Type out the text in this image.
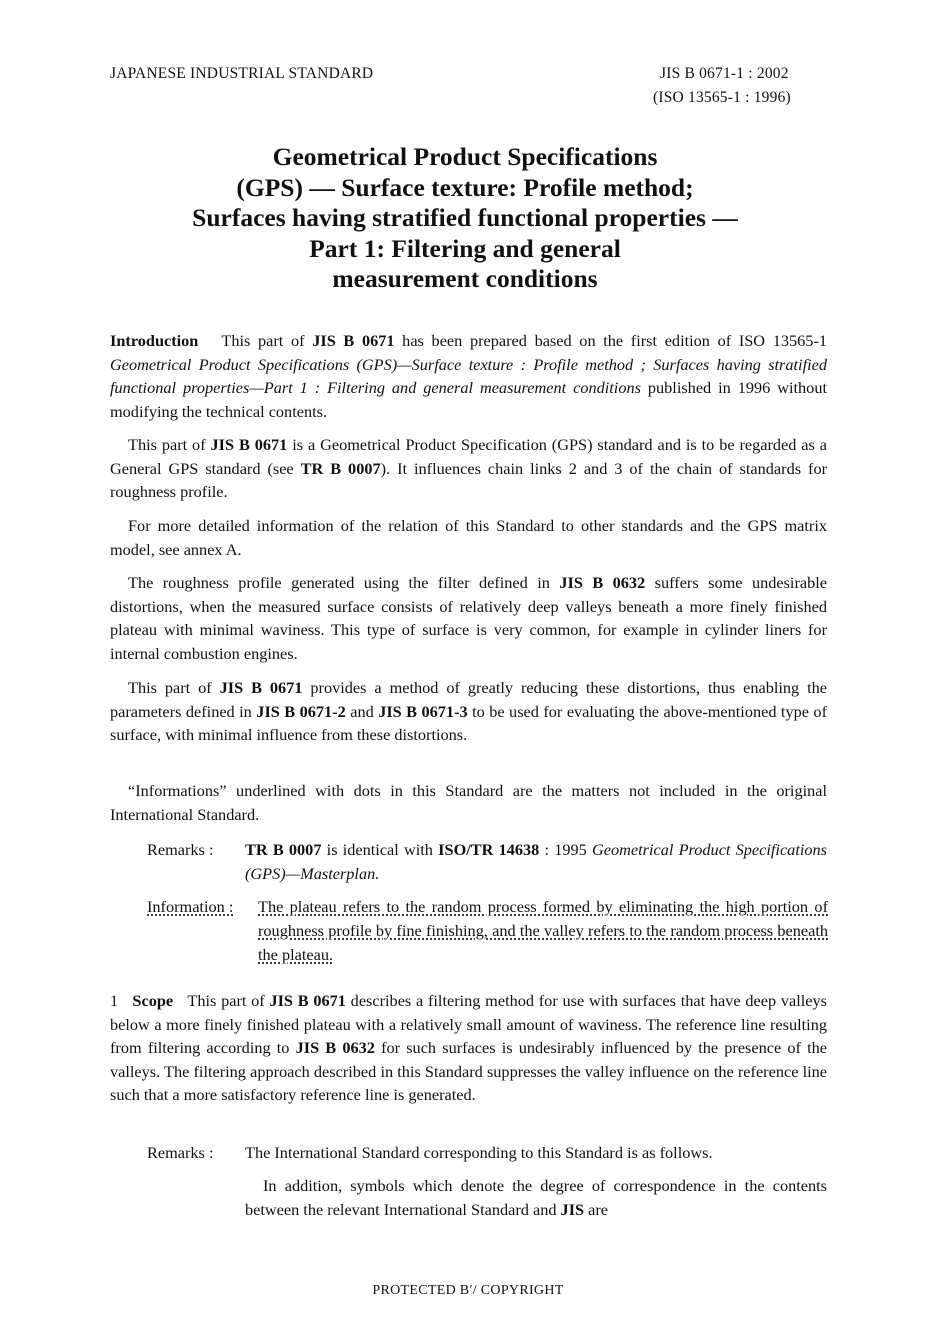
JAPANESE INDUSTRIAL STANDARD	JIS B 0671-1 : 2002
(ISO 13565-1 : 1996)
Geometrical Product Specifications
(GPS) — Surface texture: Profile method;
Surfaces having stratified functional properties —
Part 1: Filtering and general
measurement conditions
Introduction This part of JIS B 0671 has been prepared based on the first edition of ISO 13565-1 Geometrical Product Specifications (GPS)—Surface texture : Profile method ; Surfaces having stratified functional properties—Part 1 : Filtering and general measurement conditions published in 1996 without modifying the technical contents.
This part of JIS B 0671 is a Geometrical Product Specification (GPS) standard and is to be regarded as a General GPS standard (see TR B 0007). It influences chain links 2 and 3 of the chain of standards for roughness profile.
For more detailed information of the relation of this Standard to other standards and the GPS matrix model, see annex A.
The roughness profile generated using the filter defined in JIS B 0632 suffers some undesirable distortions, when the measured surface consists of relatively deep valleys beneath a more finely finished plateau with minimal waviness. This type of surface is very common, for example in cylinder liners for internal combustion engines.
This part of JIS B 0671 provides a method of greatly reducing these distortions, thus enabling the parameters defined in JIS B 0671-2 and JIS B 0671-3 to be used for evaluating the above-mentioned type of surface, with minimal influence from these distortions.
“Informations” underlined with dots in this Standard are the matters not included in the original International Standard.
Remarks : TR B 0007 is identical with ISO/TR 14638 : 1995 Geometrical Product Specifications (GPS)—Masterplan.
Information : The plateau refers to the random process formed by eliminating the high portion of roughness profile by fine finishing, and the valley refers to the random process beneath the plateau.
1 Scope This part of JIS B 0671 describes a filtering method for use with surfaces that have deep valleys below a more finely finished plateau with a relatively small amount of waviness. The reference line resulting from filtering according to JIS B 0632 for such surfaces is undesirably influenced by the presence of the valleys. The filtering approach described in this Standard suppresses the valley influence on the reference line such that a more satisfactory reference line is generated.
Remarks : The International Standard corresponding to this Standard is as follows.
In addition, symbols which denote the degree of correspondence in the contents between the relevant International Standard and JIS are
PROTECTED B′/ COPYRIGHT
